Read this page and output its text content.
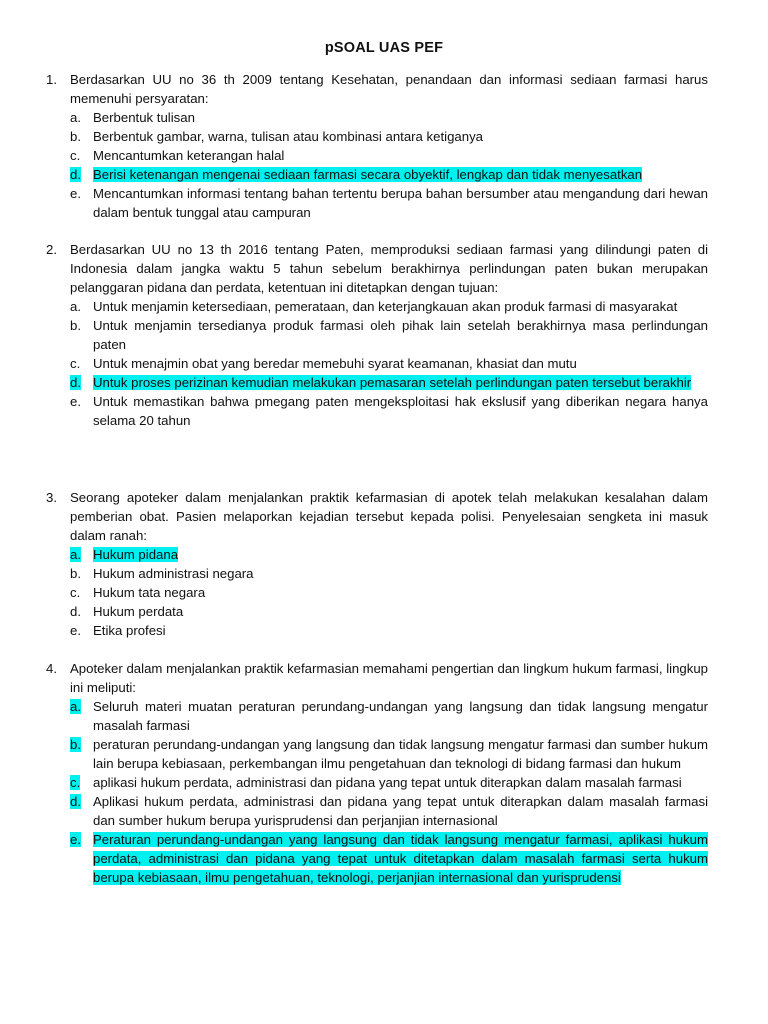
pSOAL UAS PEF
1. Berdasarkan UU no 36 th 2009 tentang Kesehatan, penandaan dan informasi sediaan farmasi harus memenuhi persyaratan:
a. Berbentuk tulisan
b. Berbentuk gambar, warna, tulisan atau kombinasi antara ketiganya
c. Mencantumkan keterangan halal
d. Berisi ketenangan mengenai sediaan farmasi secara obyektif, lengkap dan tidak menyesatkan
e. Mencantumkan informasi tentang bahan tertentu berupa bahan bersumber atau mengandung dari hewan dalam bentuk tunggal atau campuran
2. Berdasarkan UU no 13 th 2016 tentang Paten, memproduksi sediaan farmasi yang dilindungi paten di Indonesia dalam jangka waktu 5 tahun sebelum berakhirnya perlindungan paten bukan merupakan pelanggaran pidana dan perdata, ketentuan ini ditetapkan dengan tujuan:
a. Untuk menjamin ketersediaan, pemerataan, dan keterjangkauan akan produk farmasi di masyarakat
b. Untuk menjamin tersedianya produk farmasi oleh pihak lain setelah berakhirnya masa perlindungan paten
c. Untuk menajmin obat yang beredar memebuhi syarat keamanan, khasiat dan mutu
d. Untuk proses perizinan kemudian melakukan pemasaran setelah perlindungan paten tersebut berakhir
e. Untuk memastikan bahwa pmegang paten mengeksploitasi hak ekslusif yang diberikan negara hanya selama 20 tahun
3. Seorang apoteker dalam menjalankan praktik kefarmasian di apotek telah melakukan kesalahan dalam pemberian obat. Pasien melaporkan kejadian tersebut kepada polisi. Penyelesaian sengketa ini masuk dalam ranah:
a. Hukum pidana
b. Hukum administrasi negara
c. Hukum tata negara
d. Hukum perdata
e. Etika profesi
4. Apoteker dalam menjalankan praktik kefarmasian memahami pengertian dan lingkum hukum farmasi, lingkup ini meliputi:
a. Seluruh materi muatan peraturan perundang-undangan yang langsung dan tidak langsung mengatur masalah farmasi
b. peraturan perundang-undangan yang langsung dan tidak langsung mengatur farmasi dan sumber hukum lain berupa kebiasaan, perkembangan ilmu pengetahuan dan teknologi di bidang farmasi dan hukum
c. aplikasi hukum perdata, administrasi dan pidana yang tepat untuk diterapkan dalam masalah farmasi
d. Aplikasi hukum perdata, administrasi dan pidana yang tepat untuk diterapkan dalam masalah farmasi dan sumber hukum berupa yurisprudensi dan perjanjian internasional
e. Peraturan perundang-undangan yang langsung dan tidak langsung mengatur farmasi, aplikasi hukum perdata, administrasi dan pidana yang tepat untuk ditetapkan dalam masalah farmasi serta hukum berupa kebiasaan, ilmu pengetahuan, teknologi, perjanjian internasional dan yurisprudensi
